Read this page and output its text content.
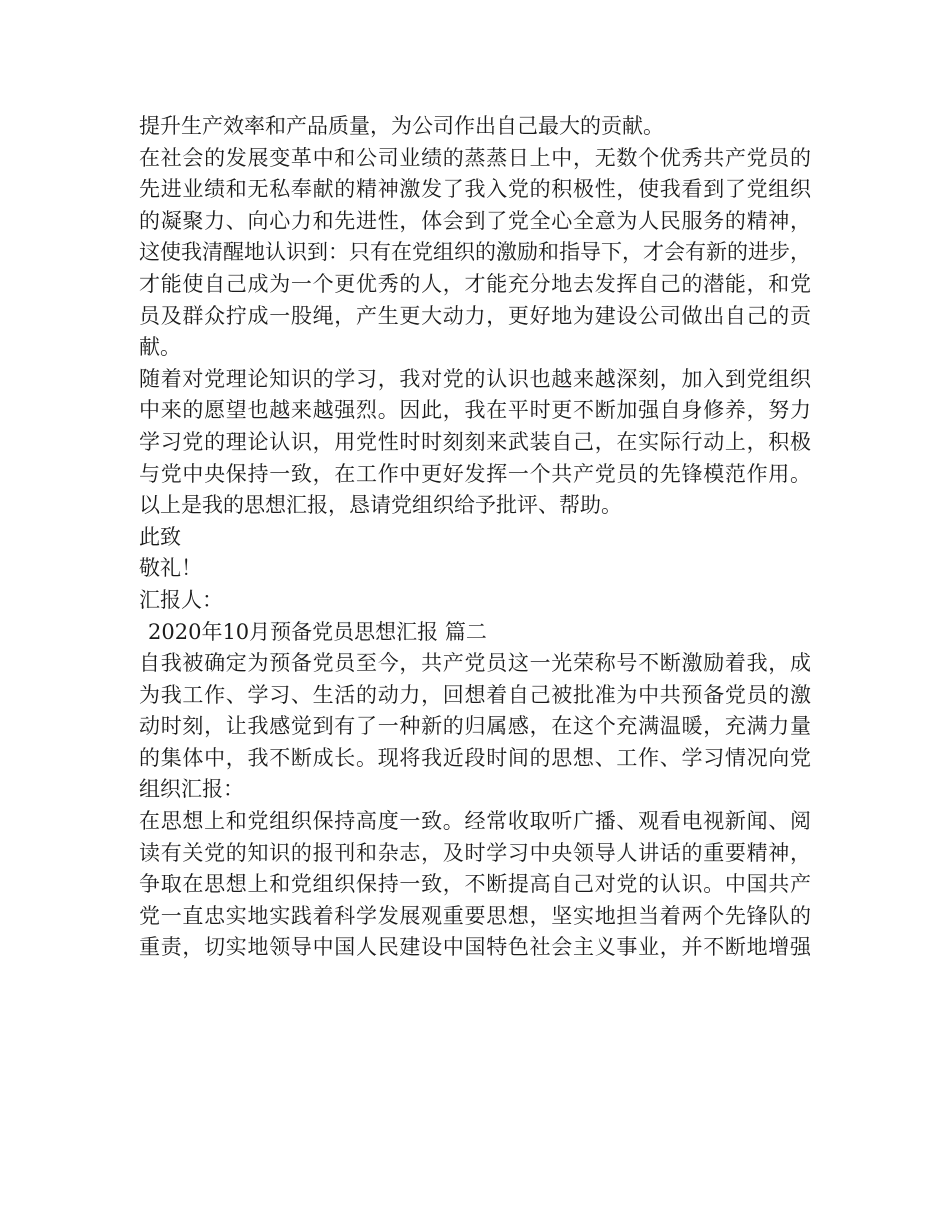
提升生产效率和产品质量，为公司作出自己最大的贡献。
在社会的发展变革中和公司业绩的蒸蒸日上中，无数个优秀共产党员的
先进业绩和无私奉献的精神激发了我入党的积极性，使我看到了党组织
的凝聚力、向心力和先进性，体会到了党全心全意为人民服务的精神，
这使我清醒地认识到：只有在党组织的激励和指导下，才会有新的进步，
才能使自己成为一个更优秀的人，才能充分地去发挥自己的潜能，和党
员及群众拧成一股绳，产生更大动力，更好地为建设公司做出自己的贡
献。
随着对党理论知识的学习，我对党的认识也越来越深刻，加入到党组织
中来的愿望也越来越强烈。因此，我在平时更不断加强自身修养，努力
学习党的理论认识，用党性时时刻刻来武装自己，在实际行动上，积极
与党中央保持一致，在工作中更好发挥一个共产党员的先锋模范作用。
以上是我的思想汇报，恳请党组织给予批评、帮助。
此致
敬礼！
汇报人：
2020年10月预备党员思想汇报 篇二
自我被确定为预备党员至今，共产党员这一光荣称号不断激励着我，成
为我工作、学习、生活的动力，回想着自己被批准为中共预备党员的激
动时刻，让我感觉到有了一种新的归属感，在这个充满温暖，充满力量
的集体中，我不断成长。现将我近段时间的思想、工作、学习情况向党
组织汇报：
在思想上和党组织保持高度一致。经常收取听广播、观看电视新闻、阅
读有关党的知识的报刊和杂志，及时学习中央领导人讲话的重要精神，
争取在思想上和党组织保持一致，不断提高自己对党的认识。中国共产
党一直忠实地实践着科学发展观重要思想，坚实地担当着两个先锋队的
重责，切实地领导中国人民建设中国特色社会主义事业，并不断地增强
